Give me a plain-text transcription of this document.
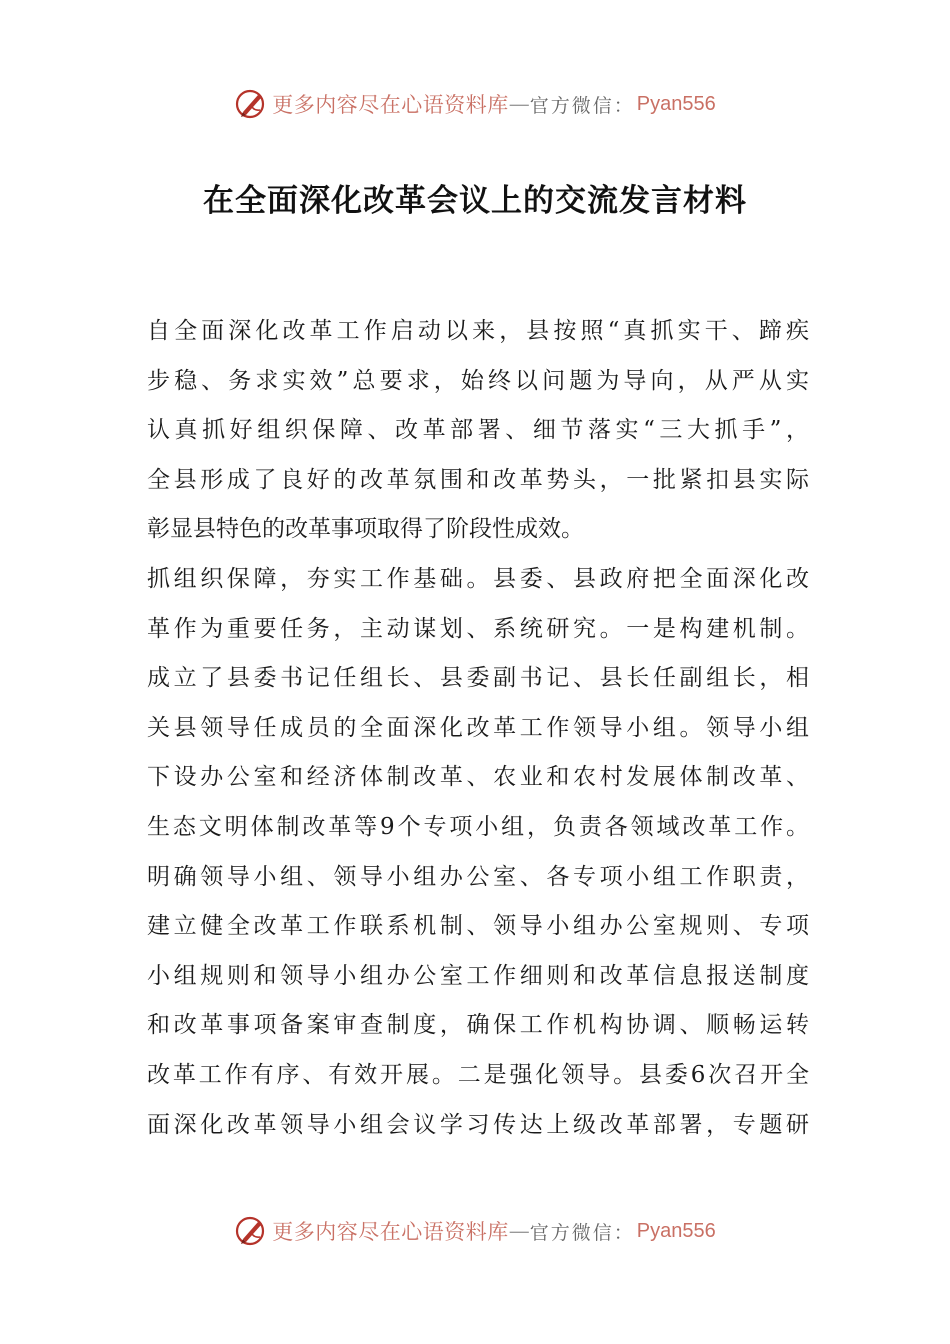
更多内容尽在心语资料库 — 官方微信： Pyan556
在全面深化改革会议上的交流发言材料
自全面深化改革工作启动以来，县按照“真抓实干、蹄疾
步稳、务求实效”总要求，始终以问题为导向，从严从实
认真抓好组织保障、改革部署、细节落实“三大抓手”，
全县形成了良好的改革氛围和改革势头，一批紧扣县实际
彰显县特色的改革事项取得了阶段性成效。
抓组织保障，夯实工作基础。县委、县政府把全面深化改
革作为重要任务，主动谋划、系统研究。一是构建机制。
成立了县委书记任组长、县委副书记、县长任副组长，相
关县领导任成员的全面深化改革工作领导小组。领导小组
下设办公室和经济体制改革、农业和农村发展体制改革、
生态文明体制改革等9个专项小组，负责各领域改革工作。
明确领导小组、领导小组办公室、各专项小组工作职责，
建立健全改革工作联系机制、领导小组办公室规则、专项
小组规则和领导小组办公室工作细则和改革信息报送制度
和改革事项备案审查制度，确保工作机构协调、顺畅运转
改革工作有序、有效开展。二是强化领导。县委6次召开全
面深化改革领导小组会议学习传达上级改革部署，专题研
更多内容尽在心语资料库 — 官方微信： Pyan556
